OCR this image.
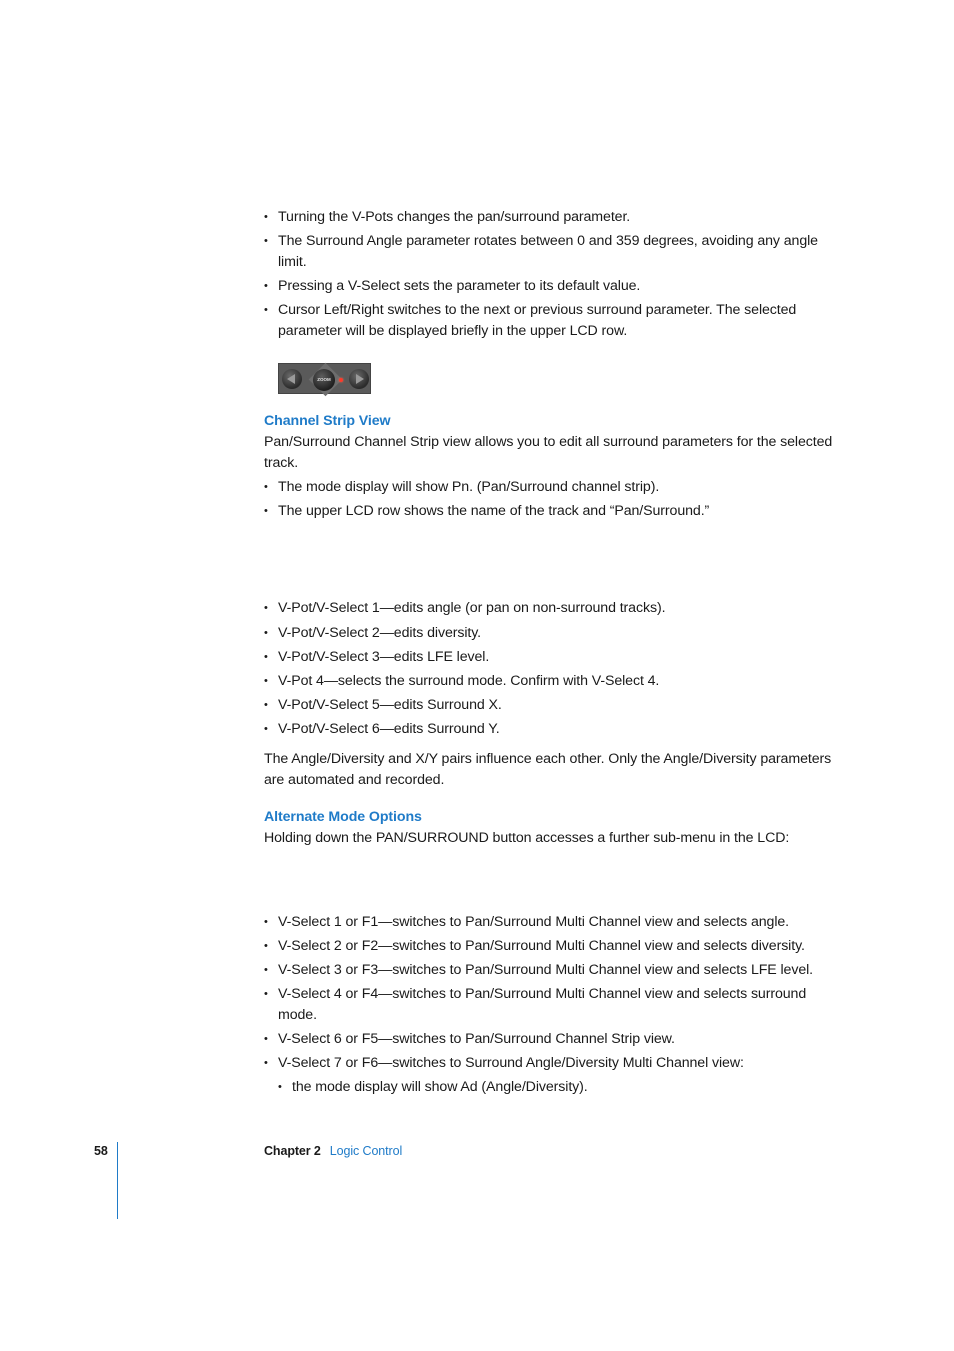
• Turning the V-Pots changes the pan/surround parameter.
• The Surround Angle parameter rotates between 0 and 359 degrees, avoiding any angle limit.
• Pressing a V-Select sets the parameter to its default value.
• Cursor Left/Right switches to the next or previous surround parameter. The selected parameter will be displayed briefly in the upper LCD row.
ZOOM
Channel Strip View

Pan/Surround Channel Strip view allows you to edit all surround parameters for the selected track.

• The mode display will show Pn. (Pan/Surround channel strip).
• The upper LCD row shows the name of the track and “Pan/Surround.”
• V-Pot/V-Select 1—edits angle (or pan on non-surround tracks).
• V-Pot/V-Select 2—edits diversity.
• V-Pot/V-Select 3—edits LFE level.
• V-Pot 4—selects the surround mode. Confirm with V-Select 4.
• V-Pot/V-Select 5—edits Surround X.
• V-Pot/V-Select 6—edits Surround Y.

The Angle/Diversity and X/Y pairs influence each other. Only the Angle/Diversity parameters are automated and recorded.

Alternate Mode Options

Holding down the PAN/SURROUND button accesses a further sub-menu in the LCD:

• V-Select 1 or F1—switches to Pan/Surround Multi Channel view and selects angle.
• V-Select 2 or F2—switches to Pan/Surround Multi Channel view and selects diversity.
• V-Select 3 or F3—switches to Pan/Surround Multi Channel view and selects LFE level.
• V-Select 4 or F4—switches to Pan/Surround Multi Channel view and selects surround mode.
• V-Select 6 or F5—switches to Pan/Surround Channel Strip view.
• V-Select 7 or F6—switches to Surround Angle/Diversity Multi Channel view:
• the mode display will show Ad (Angle/Diversity).
58	Chapter 2 Logic Control
